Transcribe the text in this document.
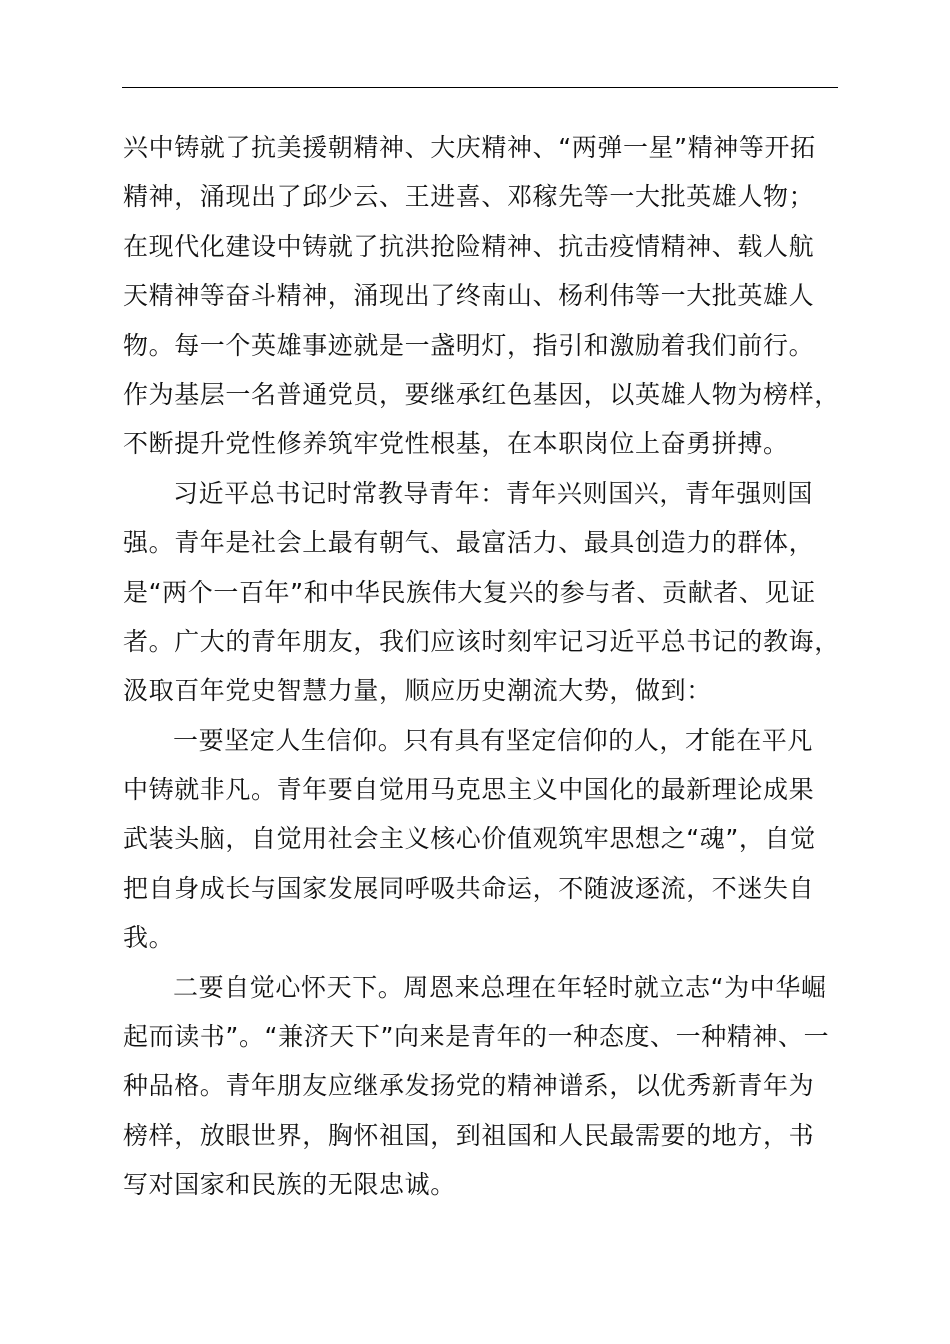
兴中铸就了抗美援朝精神、大庆精神、“两弹一星”精神等开拓
精神，涌现出了邱少云、王进喜、邓稼先等一大批英雄人物；
在现代化建设中铸就了抗洪抢险精神、抗击疫情精神、载人航
天精神等奋斗精神，涌现出了终南山、杨利伟等一大批英雄人
物。每一个英雄事迹就是一盏明灯，指引和激励着我们前行。
作为基层一名普通党员，要继承红色基因，以英雄人物为榜样，
不断提升党性修养筑牢党性根基，在本职岗位上奋勇拼搏。
习近平总书记时常教导青年：青年兴则国兴，青年强则国
强。青年是社会上最有朝气、最富活力、最具创造力的群体，
是“两个一百年”和中华民族伟大复兴的参与者、贡献者、见证
者。广大的青年朋友，我们应该时刻牢记习近平总书记的教诲，
汲取百年党史智慧力量，顺应历史潮流大势，做到：
一要坚定人生信仰。只有具有坚定信仰的人，才能在平凡
中铸就非凡。青年要自觉用马克思主义中国化的最新理论成果
武装头脑，自觉用社会主义核心价值观筑牢思想之“魂”，自觉
把自身成长与国家发展同呼吸共命运，不随波逐流，不迷失自
我。
二要自觉心怀天下。周恩来总理在年轻时就立志“为中华崛
起而读书”。“兼济天下”向来是青年的一种态度、一种精神、一
种品格。青年朋友应继承发扬党的精神谱系，以优秀新青年为
榜样，放眼世界，胸怀祖国，到祖国和人民最需要的地方，书
写对国家和民族的无限忠诚。
